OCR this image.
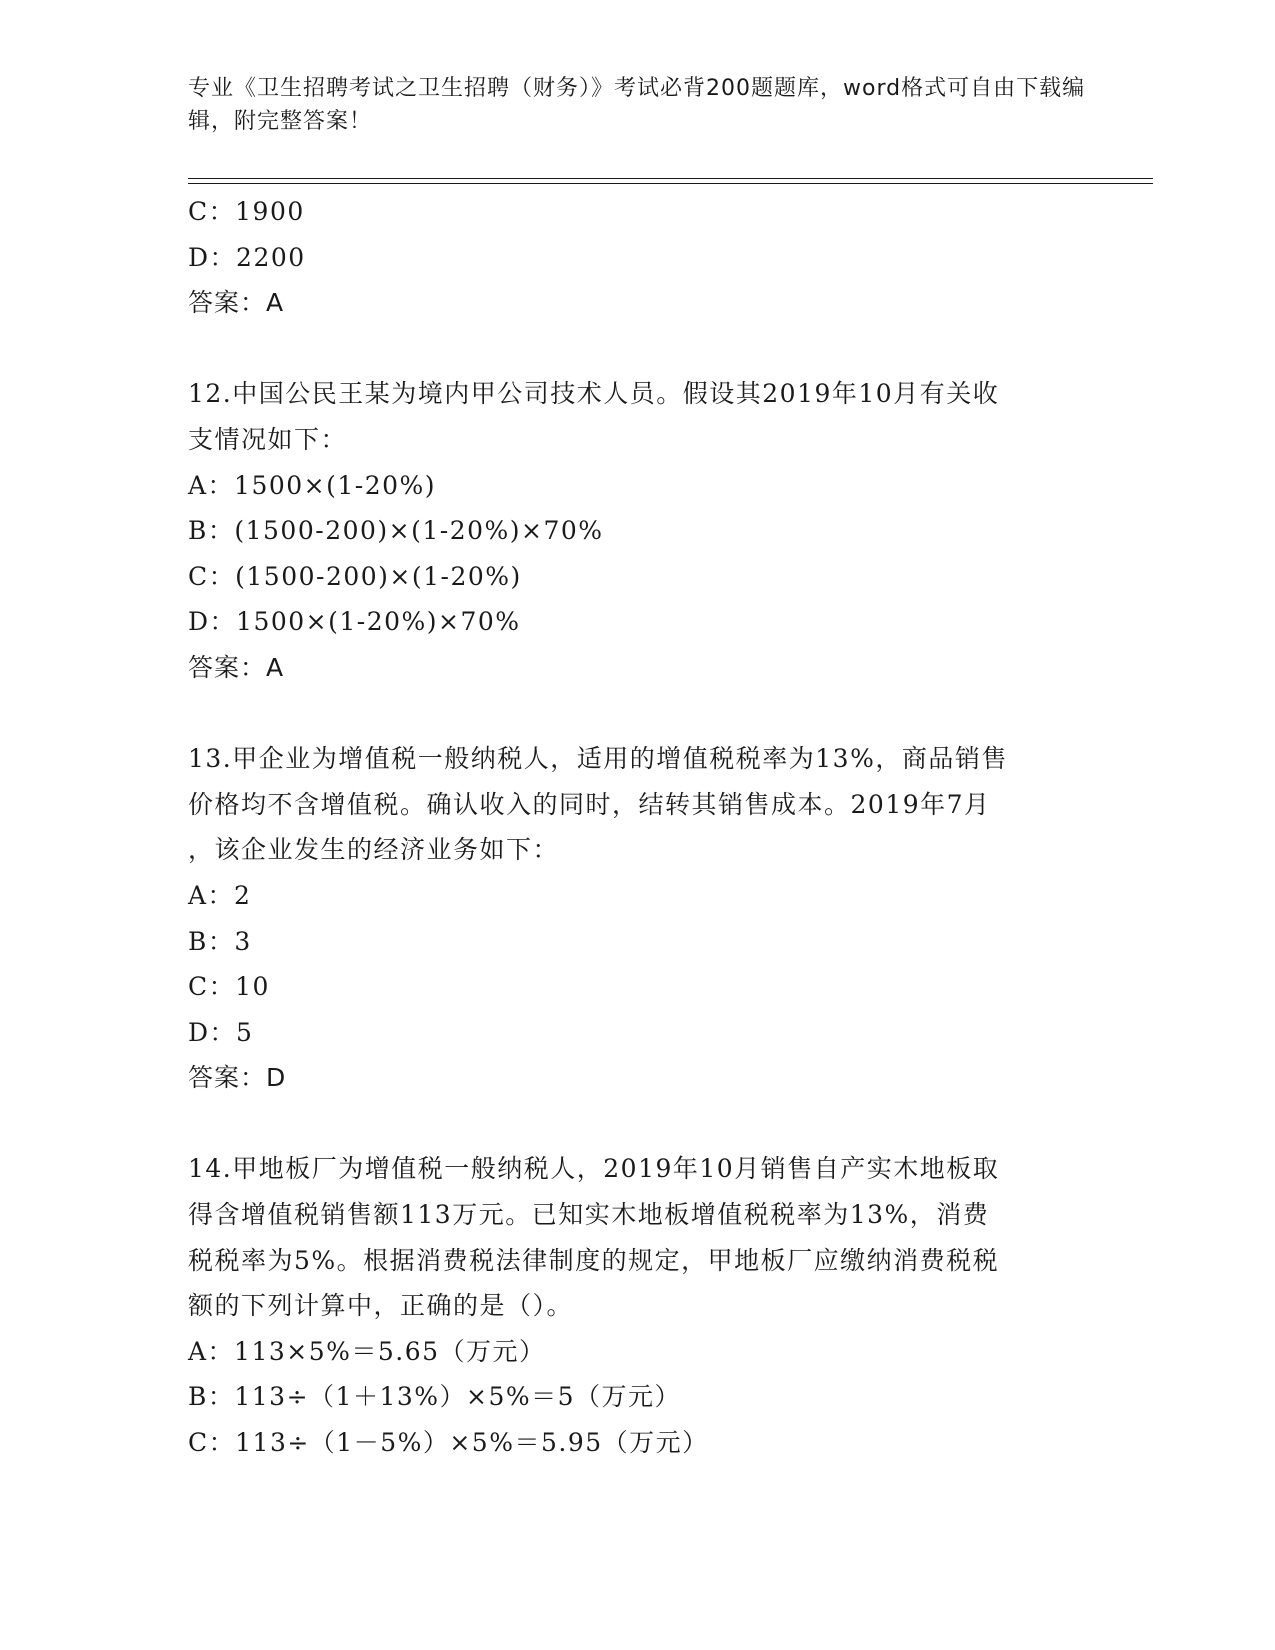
专业《卫生招聘考试之卫生招聘（财务）》考试必背200题题库，word格式可自由下载编辑，附完整答案！
C：1900
D：2200
答案：A
12.中国公民王某为境内甲公司技术人员。假设其2019年10月有关收
支情况如下：
A：1500×(1-20%)
B：(1500-200)×(1-20%)×70%
C：(1500-200)×(1-20%)
D：1500×(1-20%)×70%
答案：A
13.甲企业为增值税一般纳税人，适用的增值税税率为13%，商品销售
价格均不含增值税。确认收入的同时，结转其销售成本。2019年7月
，该企业发生的经济业务如下：
A：2
B：3
C：10
D：5
答案：D
14.甲地板厂为增值税一般纳税人，2019年10月销售自产实木地板取
得含增值税销售额113万元。已知实木地板增值税税率为13%，消费
税税率为5%。根据消费税法律制度的规定，甲地板厂应缴纳消费税税
额的下列计算中，正确的是（）。
A：113×5%＝5.65（万元）
B：113÷（1＋13%）×5%＝5（万元）
C：113÷（1－5%）×5%＝5.95（万元）
